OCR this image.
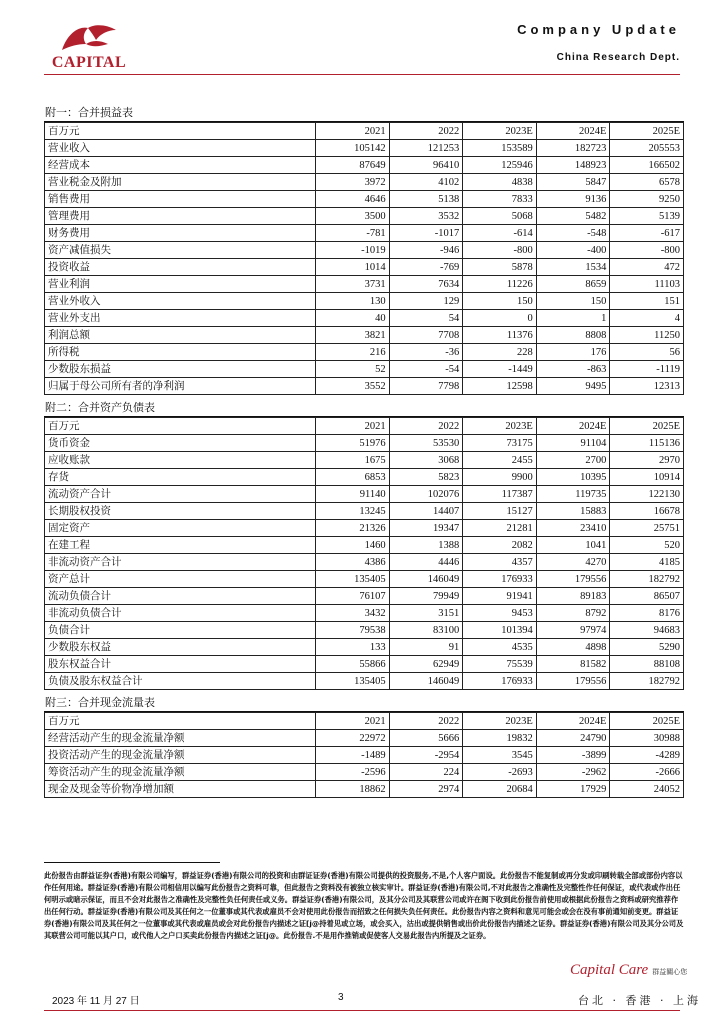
CAPITAL
Company Update
China Research Dept.
附一：合并损益表
百万元	2021	2022	2023E	2024E	2025E
营业收入	105142	121253	153589	182723	205553
经营成本	87649	96410	125946	148923	166502
营业税金及附加	3972	4102	4838	5847	6578
销售费用	4646	5138	7833	9136	9250
管理费用	3500	3532	5068	5482	5139
财务费用	-781	-1017	-614	-548	-617
资产减值损失	-1019	-946	-800	-400	-800
投资收益	1014	-769	5878	1534	472
营业利润	3731	7634	11226	8659	11103
营业外收入	130	129	150	150	151
营业外支出	40	54	0	1	4
利润总额	3821	7708	11376	8808	11250
所得税	216	-36	228	176	56
少数股东损益	52	-54	-1449	-863	-1119
归属于母公司所有者的净利润	3552	7798	12598	9495	12313
附二：合并资产负债表
百万元	2021	2022	2023E	2024E	2025E
货币资金	51976	53530	73175	91104	115136
应收账款	1675	3068	2455	2700	2970
存货	6853	5823	9900	10395	10914
流动资产合计	91140	102076	117387	119735	122130
长期股权投资	13245	14407	15127	15883	16678
固定资产	21326	19347	21281	23410	25751
在建工程	1460	1388	2082	1041	520
非流动资产合计	4386	4446	4357	4270	4185
资产总计	135405	146049	176933	179556	182792
流动负债合计	76107	79949	91941	89183	86507
非流动负债合计	3432	3151	9453	8792	8176
负债合计	79538	83100	101394	97974	94683
少数股东权益	133	91	4535	4898	5290
股东权益合计	55866	62949	75539	81582	88108
负债及股东权益合计	135405	146049	176933	179556	182792
附三：合并现金流量表
百万元	2021	2022	2023E	2024E	2025E
经营活动产生的现金流量净额	22972	5666	19832	24790	30988
投资活动产生的现金流量净额	-1489	-2954	3545	-3899	-4289
筹资活动产生的现金流量净额	-2596	224	-2693	-2962	-2666
现金及现金等价物净增加额	18862	2974	20684	17929	24052
此份报告由群益证券(香港)有限公司编写，群益证券(香港)有限公司的投资和由群证证券(香港)有限公司提供的投资服务,不是,个人客户面设。此份报告不能复制或再分发或印刷转载全部或部份内容以作任何用途。群益证券(香港)有限公司相信用以编写此份报告之资料可靠，但此报告之资料没有被独立核实审计。群益证券(香港)有限公司,不对此报告之准确性及完整性作任何保证，或代表或作出任何明示或暗示保证，而且不会对此报告之准确性及完整性负任何责任或义务。群益证券(香港)有限公司，及其分公司及其联营公司或许在阁下收到此份报告前使用或根据此份报告之资料或研究推荐作出任何行动。群益证券(香港)有限公司及其任何之一位董事或其代表或雇员不会对使用此份报告而招致之任何损失负任何责任。此份报告内容之资料和意见可能会或会在没有事前通知前变更。群益证券(香港)有限公司及其任何之一位董事或其代表或雇员或会对此份报告内描述之证[j@持着见或立场，或会买入，沽出或提供销售或出价此份报告内描述之证券。群益证券(香港)有限公司及其分公司及其联营公司可能以其户口，或代他人之户口买卖此份报告内描述之证[j@。此份报告.不是用作推销或促使客人交易此报告内所提及之证券。
2023 年 11 月 27 日	3
Capital Care 群益關心您
台北 · 香港 · 上海
